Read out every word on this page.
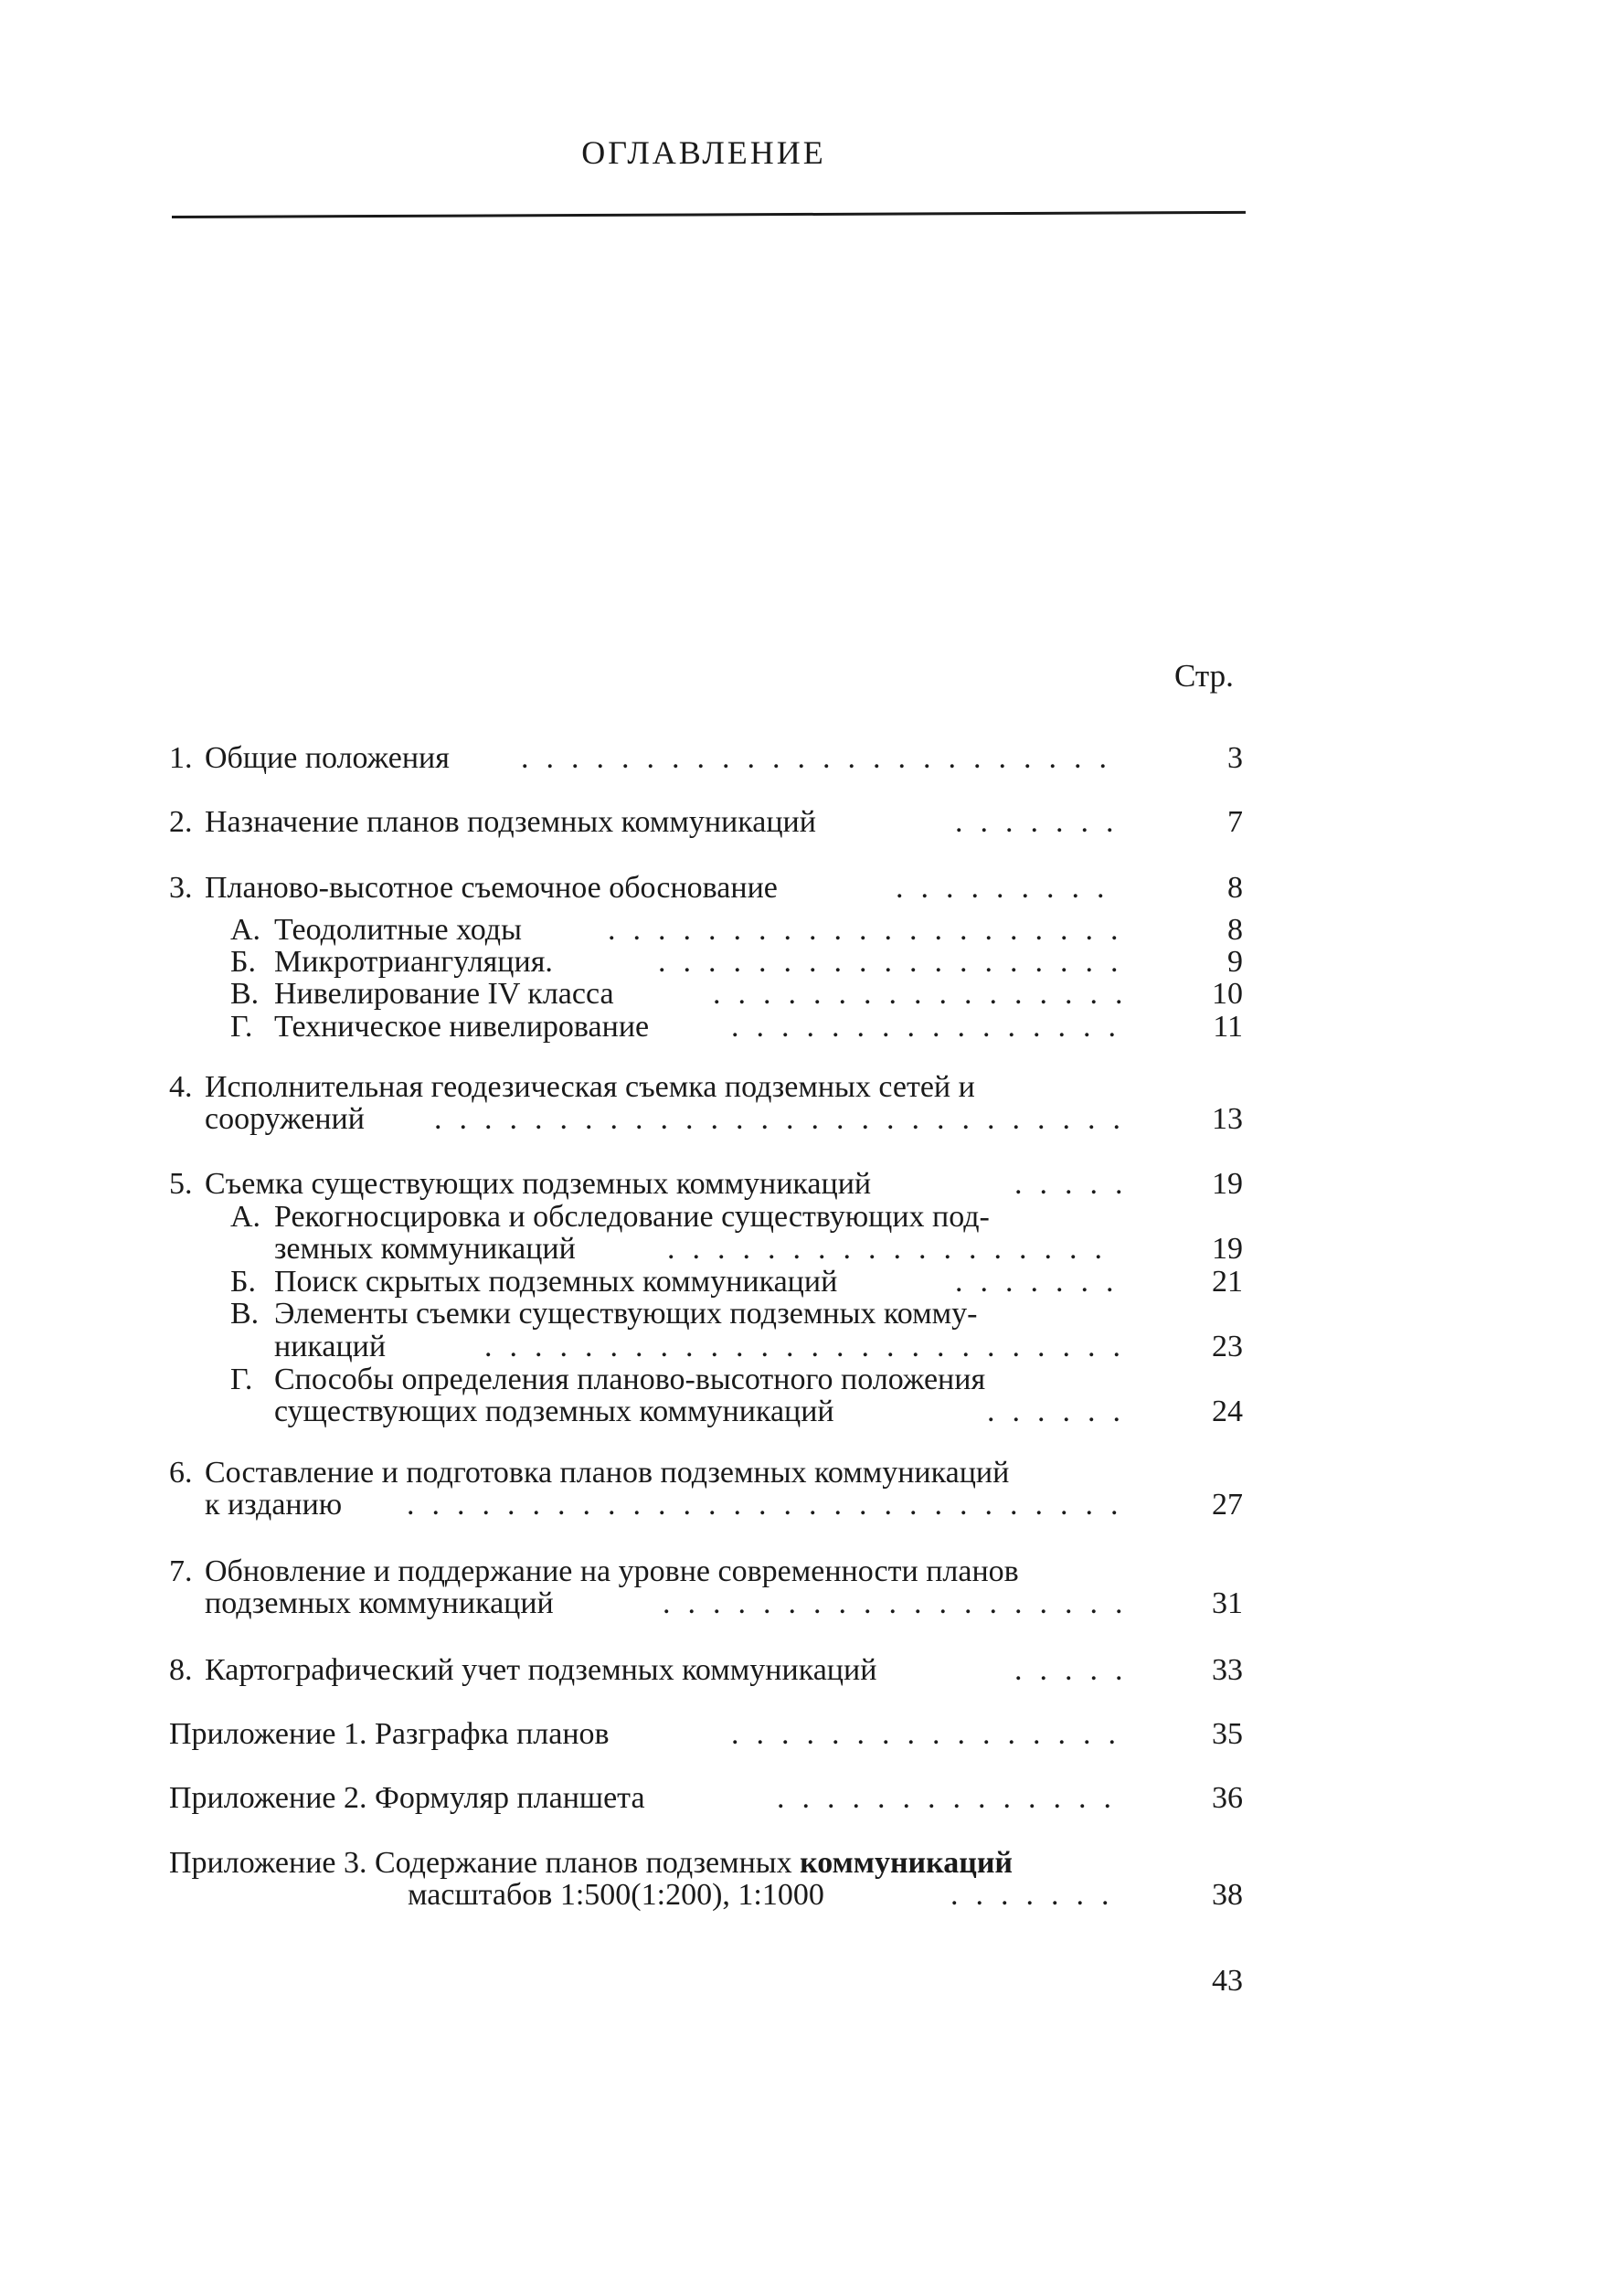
ОГЛАВЛЕНИЕ
Стр.
1. Общие положения ........................	3
2. Назначение планов подземных коммуникаций	.......	7
3. Планово-высотное съемочное обоснование	.........	8
А. Теодолитные ходы	.....................	8
Б. Микротриангуляция.	...................	9
В. Нивелирование IV класса	.................	10
Г. Техническое нивелирование	................	11
4. Исполнительная геодезическая съемка подземных сетей и
сооружений ............................	13
5. Съемка существующих подземных коммуникаций	.....	19
А. Рекогносцировка и обследование существующих под-
земных коммуникаций	..................	19
Б. Поиск скрытых подземных коммуникаций	.......	21
В. Элементы съемки существующих подземных комму-
никаций	..........................	23
Г. Способы определения планово-высотного положения
существующих подземных коммуникаций	......	24
6. Составление и подготовка планов подземных коммуникаций
к изданию .............................	27
7. Обновление и поддержание на уровне современности планов
подземных коммуникаций	...................	31
8. Картографический учет подземных коммуникаций	.....	33
Приложение 1. Разграфка планов	................	35
Приложение 2. Формуляр планшета	..............	36
Приложение 3. Содержание планов подземных коммуникаций
масштабов 1:500(1:200), 1:1000	.......	38
43
